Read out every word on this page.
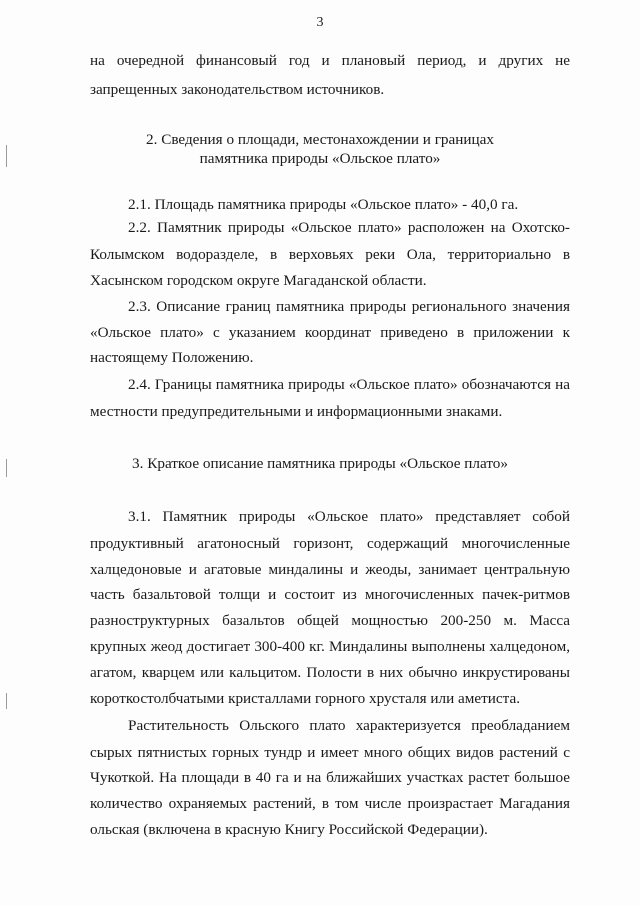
3
на очередной финансовый год и плановый период, и других не
запрещенных законодательством источников.
2. Сведения о площади, местонахождении и границах
памятника природы «Ольское плато»
2.1. Площадь памятника природы «Ольское плато» - 40,0 га.
2.2. Памятник природы «Ольское плато» расположен на Охотско-
Колымском водоразделе, в верховьях реки Ола, территориально в
Хасынском городском округе Магаданской области.
2.3. Описание границ памятника природы регионального значения
«Ольское плато» с указанием координат приведено в приложении к
настоящему Положению.
2.4. Границы памятника природы «Ольское плато» обозначаются на
местности предупредительными и информационными знаками.
3. Краткое описание памятника природы «Ольское плато»
3.1. Памятник природы «Ольское плато» представляет собой
продуктивный агатоносный горизонт, содержащий многочисленные
халцедоновые и агатовые миндалины и жеоды, занимает центральную
часть базальтовой толщи и состоит из многочисленных пачек-ритмов
разноструктурных базальтов общей мощностью 200-250 м. Масса
крупных жеод достигает 300-400 кг. Миндалины выполнены халцедоном,
агатом, кварцем или кальцитом. Полости в них обычно инкрустированы
короткостолбчатыми кристаллами горного хрусталя или аметиста.
Растительность Ольского плато характеризуется преобладанием
сырых пятнистых горных тундр и имеет много общих видов растений с
Чукоткой. На площади в 40 га и на ближайших участках растет большое
количество охраняемых растений, в том числе произрастает Магадания
ольская (включена в красную Книгу Российской Федерации).
